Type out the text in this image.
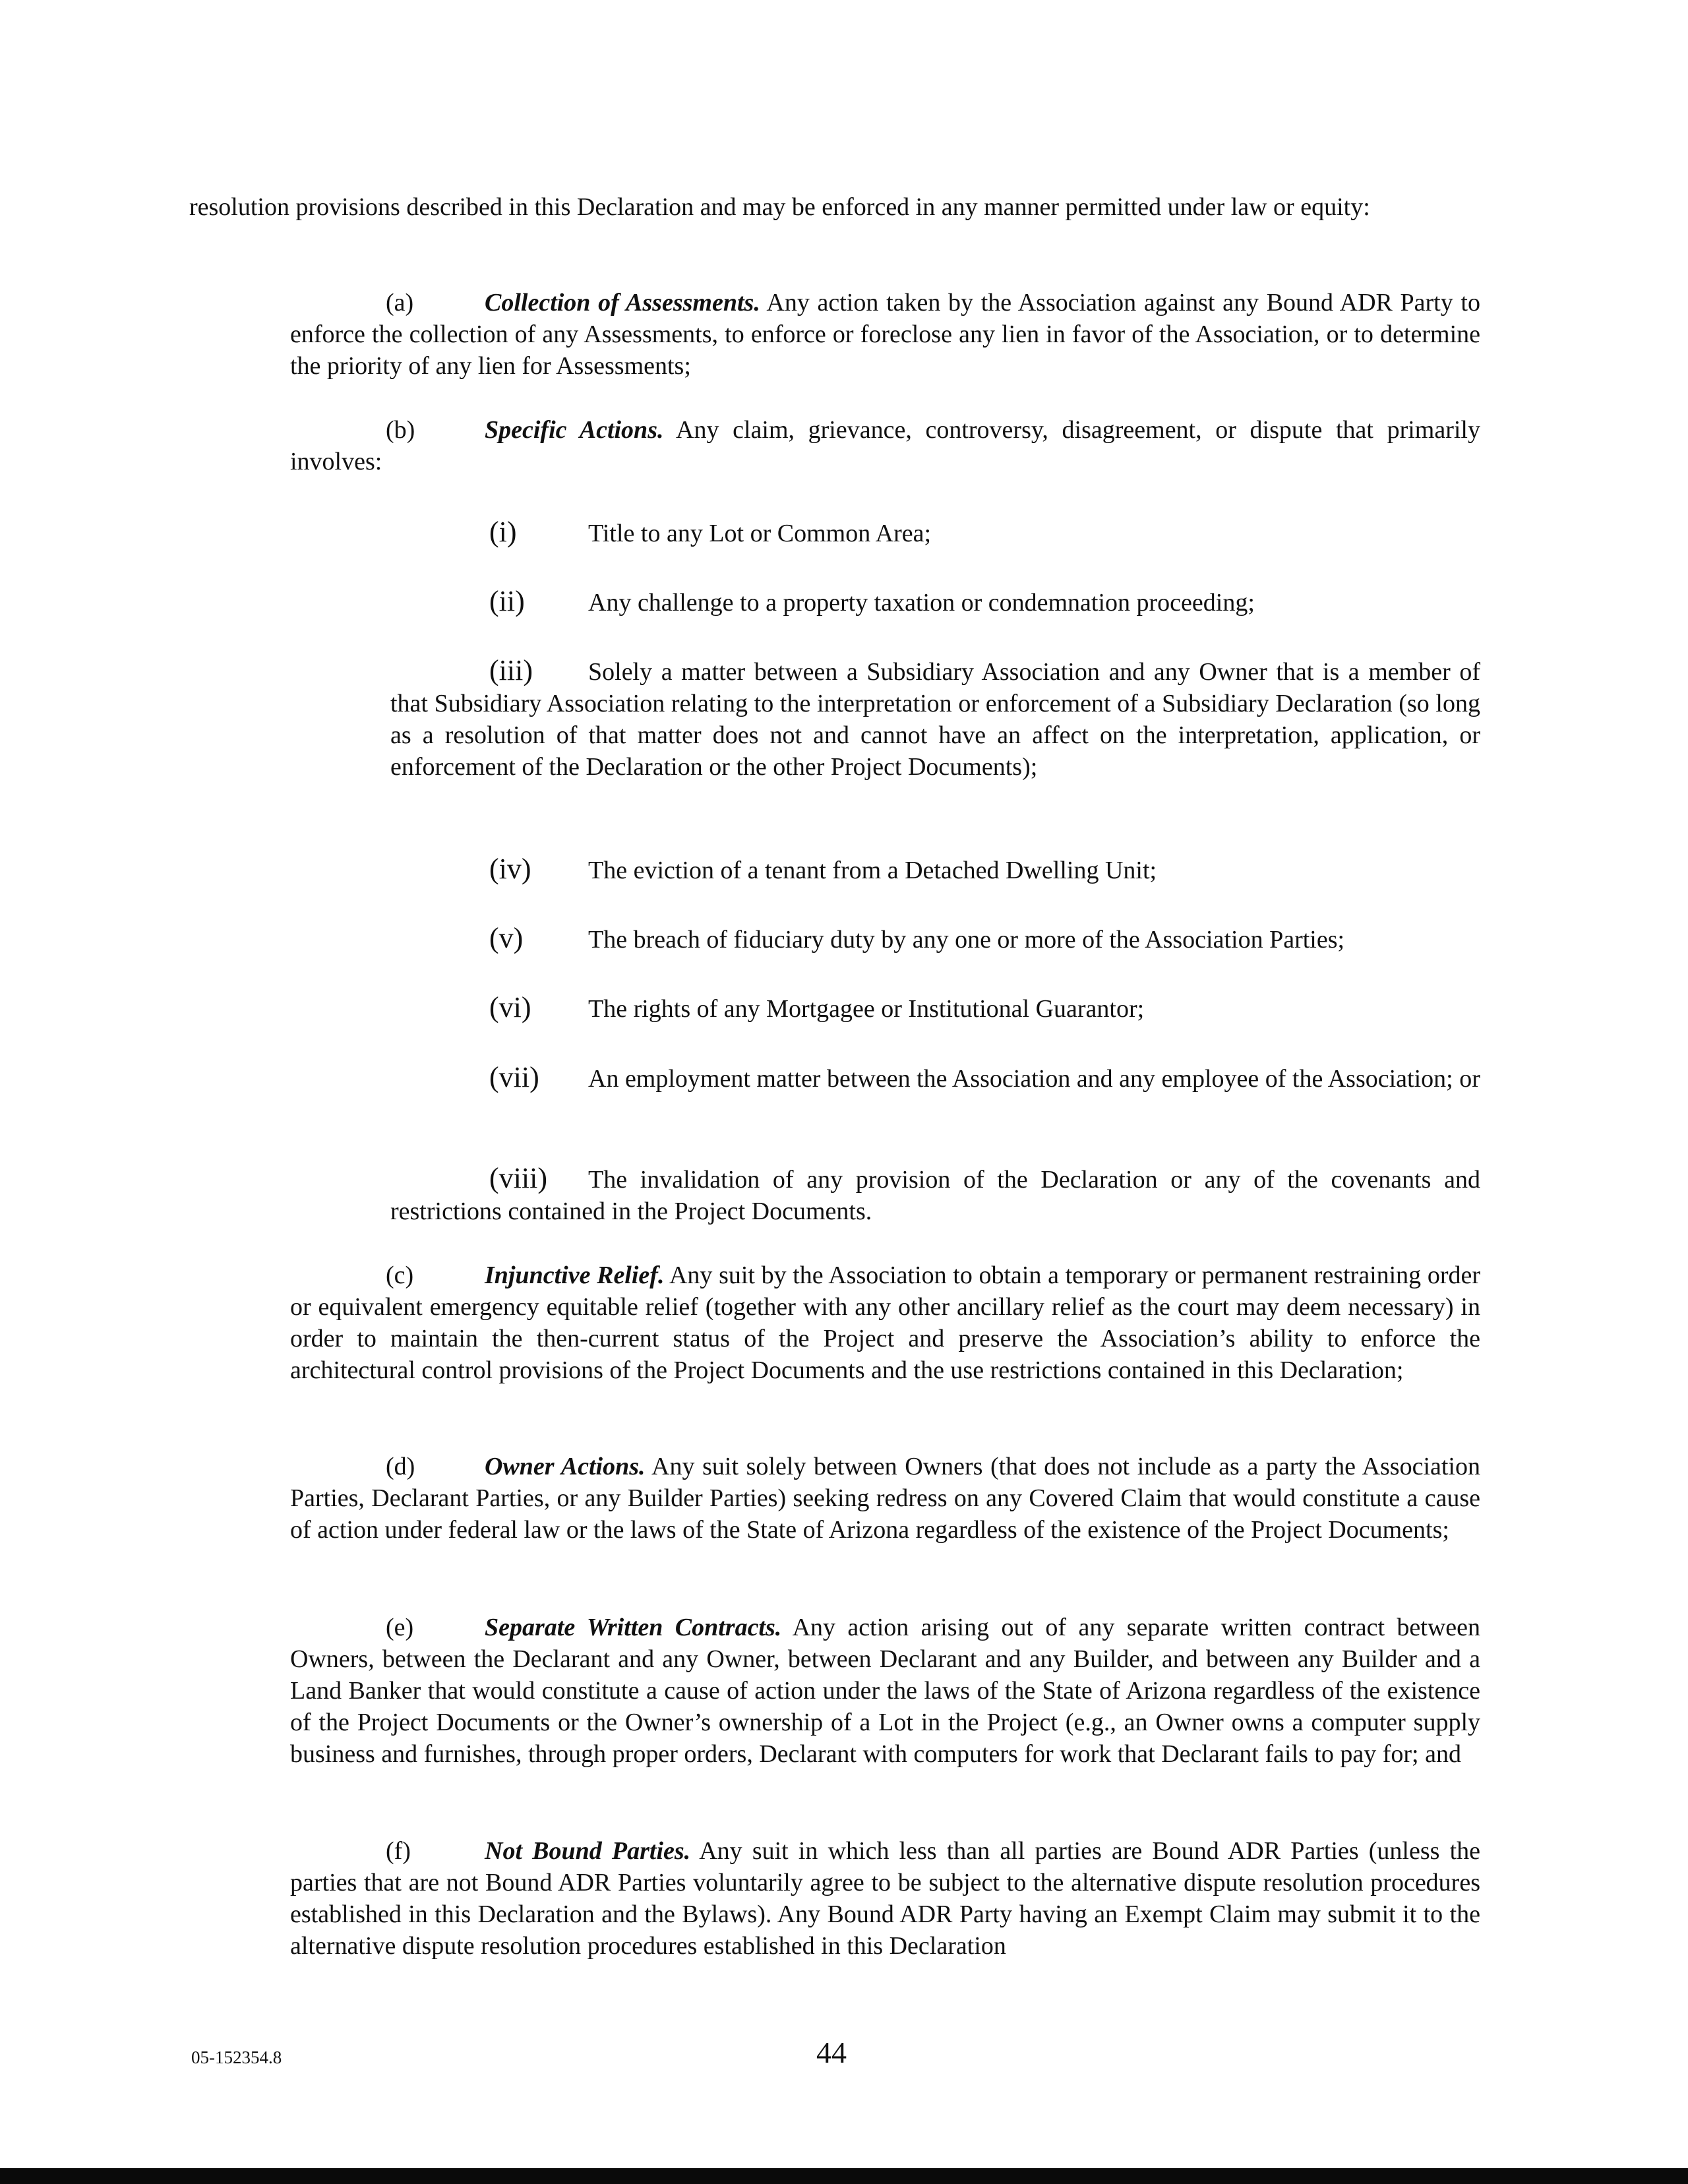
resolution provisions described in this Declaration and may be enforced in any manner permitted under law or equity:

(a)	Collection of Assessments. Any action taken by the Association against any Bound ADR Party to enforce the collection of any Assessments, to enforce or foreclose any lien in favor of the Association, or to determine the priority of any lien for Assessments;

(b)	Specific Actions. Any claim, grievance, controversy, disagreement, or dispute that primarily involves:

(i)	Title to any Lot or Common Area;

(ii)	Any challenge to a property taxation or condemnation proceeding;

(iii) Solely a matter between a Subsidiary Association and any Owner that is a member of that Subsidiary Association relating to the interpretation or enforcement of a Subsidiary Declaration (so long as a resolution of that matter does not and cannot have an affect on the interpretation, application, or enforcement of the Declaration or the other Project Documents);

(iv) The eviction of a tenant from a Detached Dwelling Unit;

(v)	The breach of fiduciary duty by any one or more of the Association Parties;

(vi) The rights of any Mortgagee or Institutional Guarantor;

(vii) An employment matter between the Association and any employee of the Association; or

(viii) The invalidation of any provision of the Declaration or any of the covenants and restrictions contained in the Project Documents.

(c)	Injunctive Relief. Any suit by the Association to obtain a temporary or permanent restraining order or equivalent emergency equitable relief (together with any other ancillary relief as the court may deem necessary) in order to maintain the then-current status of the Project and preserve the Association’s ability to enforce the architectural control provisions of the Project Documents and the use restrictions contained in this Declaration;

(d)	Owner Actions. Any suit solely between Owners (that does not include as a party the Association Parties, Declarant Parties, or any Builder Parties) seeking redress on any Covered Claim that would constitute a cause of action under federal law or the laws of the State of Arizona regardless of the existence of the Project Documents;

(e)	Separate Written Contracts. Any action arising out of any separate written contract between Owners, between the Declarant and any Owner, between Declarant and any Builder, and between any Builder and a Land Banker that would constitute a cause of action under the laws of the State of Arizona regardless of the existence of the Project Documents or the Owner’s ownership of a Lot in the Project (e.g., an Owner owns a computer supply business and furnishes, through proper orders, Declarant with computers for work that Declarant fails to pay for; and

(f)	Not Bound Parties. Any suit in which less than all parties are Bound ADR Parties (unless the parties that are not Bound ADR Parties voluntarily agree to be subject to the alternative dispute resolution procedures established in this Declaration and the Bylaws). Any Bound ADR Party having an Exempt Claim may submit it to the alternative dispute resolution procedures established in this Declaration

05-152354.8	44
